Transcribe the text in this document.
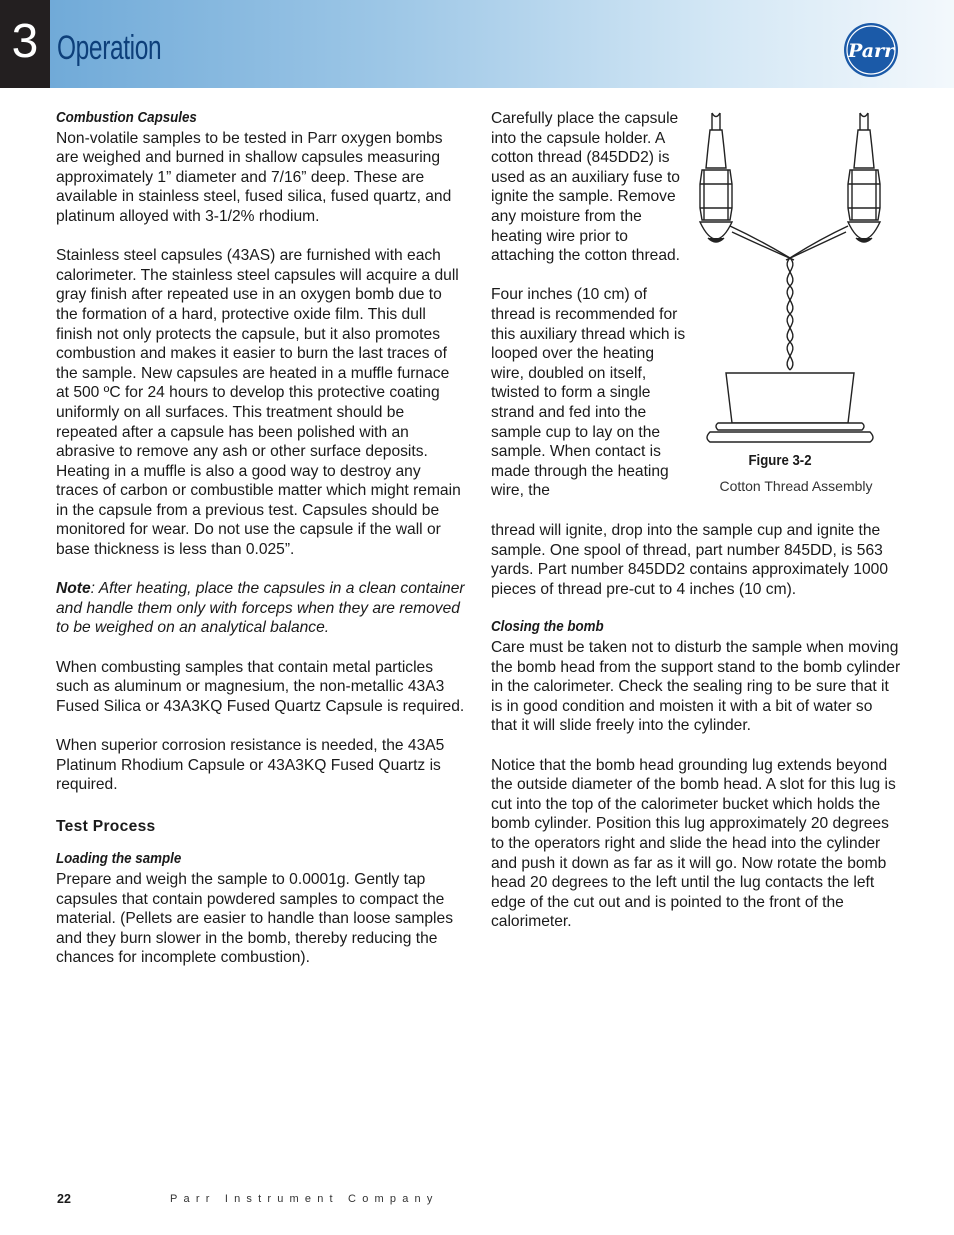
3 Operation	Parr
Combustion Capsules

Non-volatile samples to be tested in Parr oxygen bombs are weighed and burned in shallow capsules measuring approximately 1” diameter and 7/16” deep. These are available in stainless steel, fused silica, fused quartz, and platinum alloyed with 3-1/2% rhodium.

Stainless steel capsules (43AS) are furnished with each calorimeter. The stainless steel capsules will acquire a dull gray finish after repeated use in an oxygen bomb due to the formation of a hard, protective oxide film. This dull finish not only protects the capsule, but it also promotes combustion and makes it easier to burn the last traces of the sample. New capsules are heated in a muffle furnace at 500 ºC for 24 hours to develop this protective coating uniformly on all surfaces. This treatment should be repeated after a capsule has been polished with an abrasive to remove any ash or other surface deposits. Heating in a muffle is also a good way to destroy any traces of carbon or combustible matter which might remain in the capsule from a previous test. Capsules should be monitored for wear. Do not use the capsule if the wall or base thickness is less than 0.025”.

Note: After heating, place the capsules in a clean container and handle them only with forceps when they are removed to be weighed on an analytical balance.

When combusting samples that contain metal particles such as aluminum or magnesium, the non-metallic 43A3 Fused Silica or 43A3KQ Fused Quartz Capsule is required.

When superior corrosion resistance is needed, the 43A5 Platinum Rhodium Capsule or 43A3KQ Fused Quartz is required.

Test Process

Loading the sample

Prepare and weigh the sample to 0.0001g. Gently tap capsules that contain powdered samples to compact the material. (Pellets are easier to handle than loose samples and they burn slower in the bomb, thereby reducing the chances for incomplete combustion).

Carefully place the capsule into the capsule holder. A cotton thread (845DD2) is used as an auxiliary fuse to ignite the sample. Remove any moisture from the heating wire prior to attaching the cotton thread.

Four inches (10 cm) of thread is recommended for this auxiliary thread which is looped over the heating wire, doubled on itself, twisted to form a single strand and fed into the sample cup to lay on the sample. When contact is made through the heating wire, the

thread will ignite, drop into the sample cup and ignite the sample. One spool of thread, part number 845DD, is 563 yards. Part number 845DD2 contains approximately 1000 pieces of thread pre-cut to 4 inches (10 cm).

Closing the bomb

Care must be taken not to disturb the sample when moving the bomb head from the support stand to the bomb cylinder in the calorimeter. Check the sealing ring to be sure that it is in good condition and moisten it with a bit of water so that it will slide freely into the cylinder.

Notice that the bomb head grounding lug extends beyond the outside diameter of the bomb head. A slot for this lug is cut into the top of the calorimeter bucket which holds the bomb cylinder. Position this lug approximately 20 degrees to the operators right and slide the head into the cylinder and push it down as far as it will go. Now rotate the bomb head 20 degrees to the left until the lug contacts the left edge of the cut out and is pointed to the front of the calorimeter.

Figure 3-2
Cotton Thread Assembly
22	Parr Instrument Company
